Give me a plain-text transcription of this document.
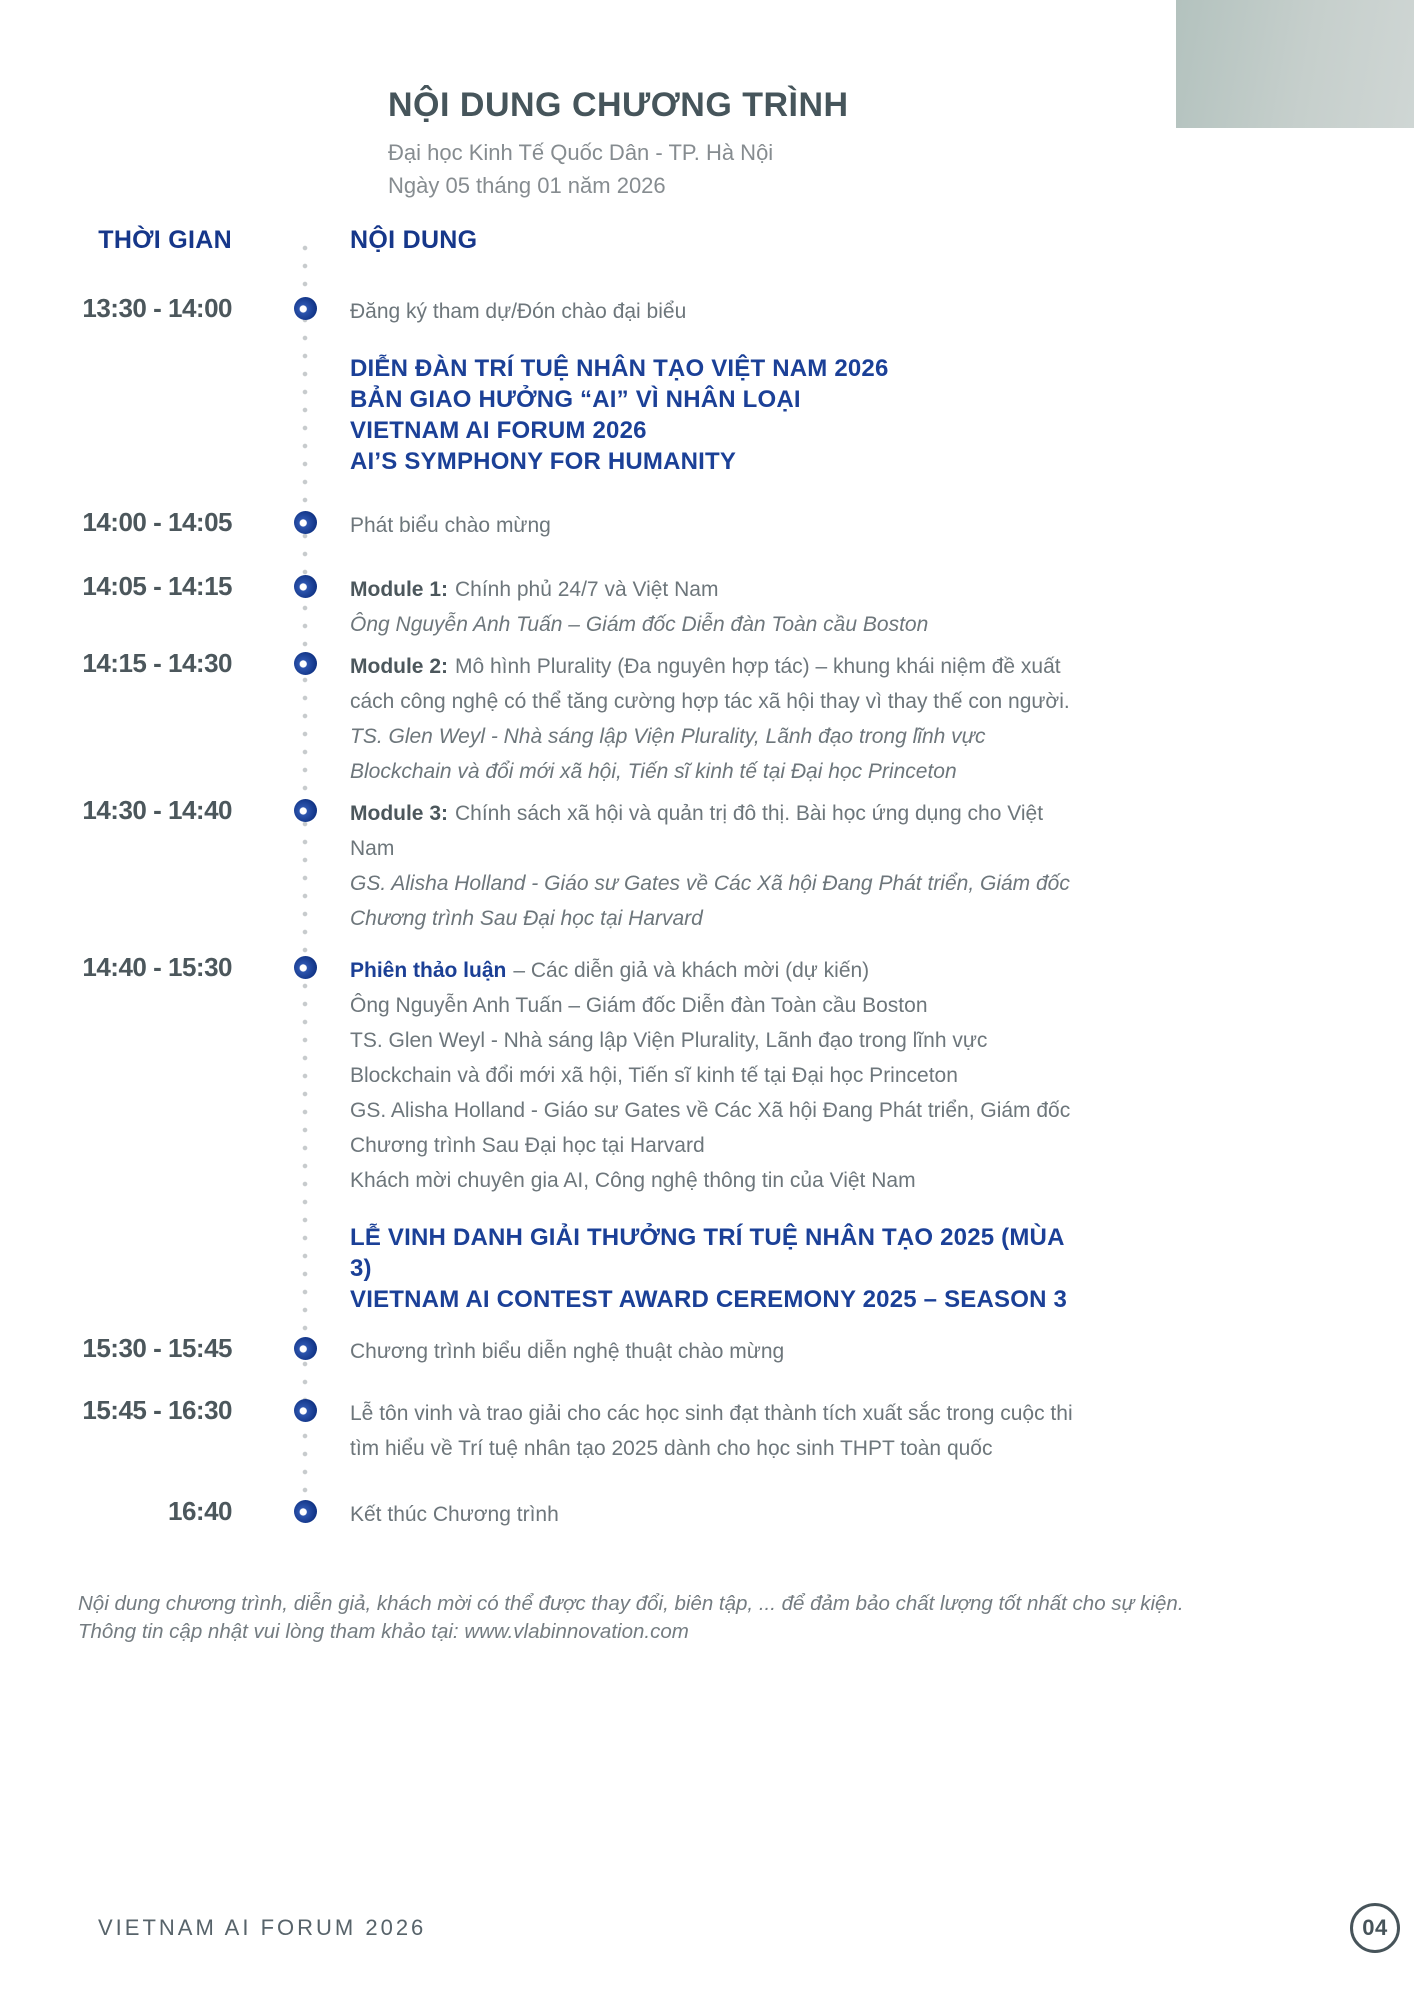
NỘI DUNG CHƯƠNG TRÌNH

Đại học Kinh Tế Quốc Dân - TP. Hà Nội

Ngày 05 tháng 01 năm 2026

THỜI GIAN	NỘI DUNG
13:30 - 14:00	Đăng ký tham dự/Đón chào đại biểu

DIỄN ĐÀN TRÍ TUỆ NHÂN TẠO VIỆT NAM 2026

BẢN GIAO HƯỞNG “AI” VÌ NHÂN LOẠI

VIETNAM AI FORUM 2026

AI’S SYMPHONY FOR HUMANITY

14:00 - 14:05	Phát biểu chào mừng

14:05 - 14:15	Module 1: Chính phủ 24/7 và Việt Nam

Ông Nguyễn Anh Tuấn – Giám đốc Diễn đàn Toàn cầu Boston

14:15 - 14:30	Module 2: Mô hình Plurality (Đa nguyên hợp tác) – khung khái niệm đề xuất cách công nghệ có thể tăng cường hợp tác xã hội thay vì thay thế con người.

TS. Glen Weyl - Nhà sáng lập Viện Plurality, Lãnh đạo trong lĩnh vực Blockchain và đổi mới xã hội, Tiến sĩ kinh tế tại Đại học Princeton

14:30 - 14:40	Module 3: Chính sách xã hội và quản trị đô thị. Bài học ứng dụng cho Việt Nam

GS. Alisha Holland - Giáo sư Gates về Các Xã hội Đang Phát triển, Giám đốc Chương trình Sau Đại học tại Harvard

14:40 - 15:30	Phiên thảo luận – Các diễn giả và khách mời (dự kiến)

Ông Nguyễn Anh Tuấn – Giám đốc Diễn đàn Toàn cầu Boston

TS. Glen Weyl - Nhà sáng lập Viện Plurality, Lãnh đạo trong lĩnh vực Blockchain và đổi mới xã hội, Tiến sĩ kinh tế tại Đại học Princeton

GS. Alisha Holland - Giáo sư Gates về Các Xã hội Đang Phát triển, Giám đốc Chương trình Sau Đại học tại Harvard

Khách mời chuyên gia AI, Công nghệ thông tin của Việt Nam

LỄ VINH DANH GIẢI THƯỞNG TRÍ TUỆ NHÂN TẠO 2025 (MÙA 3)

VIETNAM AI CONTEST AWARD CEREMONY 2025 – SEASON 3

15:30 - 15:45	Chương trình biểu diễn nghệ thuật chào mừng

15:45 - 16:30	Lễ tôn vinh và trao giải cho các học sinh đạt thành tích xuất sắc trong cuộc thi tìm hiểu về Trí tuệ nhân tạo 2025 dành cho học sinh THPT toàn quốc

16:40	Kết thúc Chương trình

Nội dung chương trình, diễn giả, khách mời có thể được thay đổi, biên tập, ... để đảm bảo chất lượng tốt nhất cho sự kiện.

Thông tin cập nhật vui lòng tham khảo tại: www.vlabinnovation.com

VIETNAM AI FORUM 2026	04
